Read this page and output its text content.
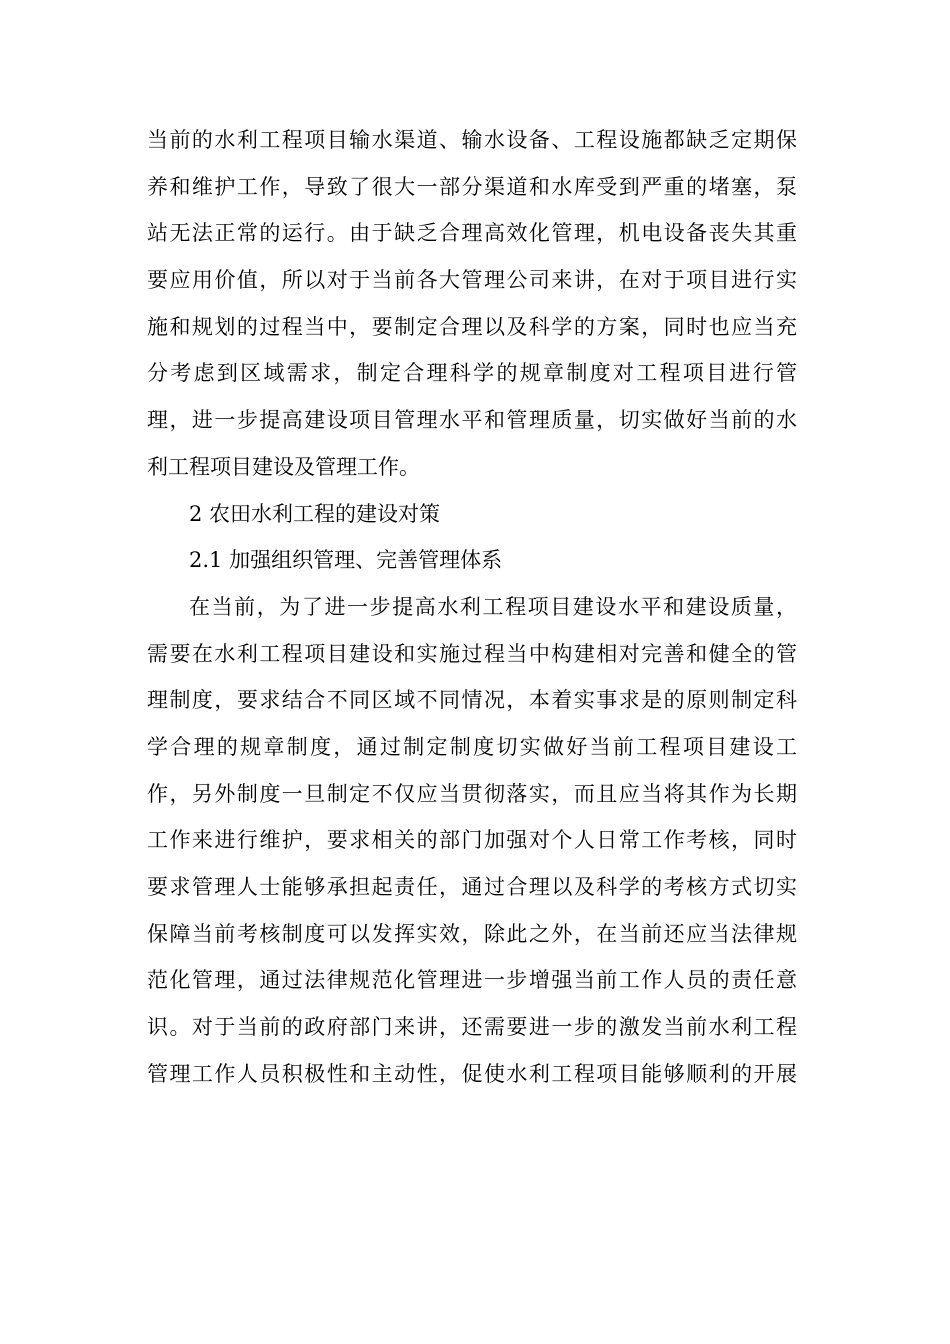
当前的水利工程项目输水渠道、输水设备、工程设施都缺乏定期保
养和维护工作，导致了很大一部分渠道和水库受到严重的堵塞，泵
站无法正常的运行。由于缺乏合理高效化管理，机电设备丧失其重
要应用价值，所以对于当前各大管理公司来讲，在对于项目进行实
施和规划的过程当中，要制定合理以及科学的方案，同时也应当充
分考虑到区域需求，制定合理科学的规章制度对工程项目进行管
理，进一步提高建设项目管理水平和管理质量，切实做好当前的水
利工程项目建设及管理工作。
2 农田水利工程的建设对策
2.1 加强组织管理、完善管理体系
在当前，为了进一步提高水利工程项目建设水平和建设质量，
需要在水利工程项目建设和实施过程当中构建相对完善和健全的管
理制度，要求结合不同区域不同情况，本着实事求是的原则制定科
学合理的规章制度，通过制定制度切实做好当前工程项目建设工
作，另外制度一旦制定不仅应当贯彻落实，而且应当将其作为长期
工作来进行维护，要求相关的部门加强对个人日常工作考核，同时
要求管理人士能够承担起责任，通过合理以及科学的考核方式切实
保障当前考核制度可以发挥实效，除此之外，在当前还应当法律规
范化管理，通过法律规范化管理进一步增强当前工作人员的责任意
识。对于当前的政府部门来讲，还需要进一步的激发当前水利工程
管理工作人员积极性和主动性，促使水利工程项目能够顺利的开展
